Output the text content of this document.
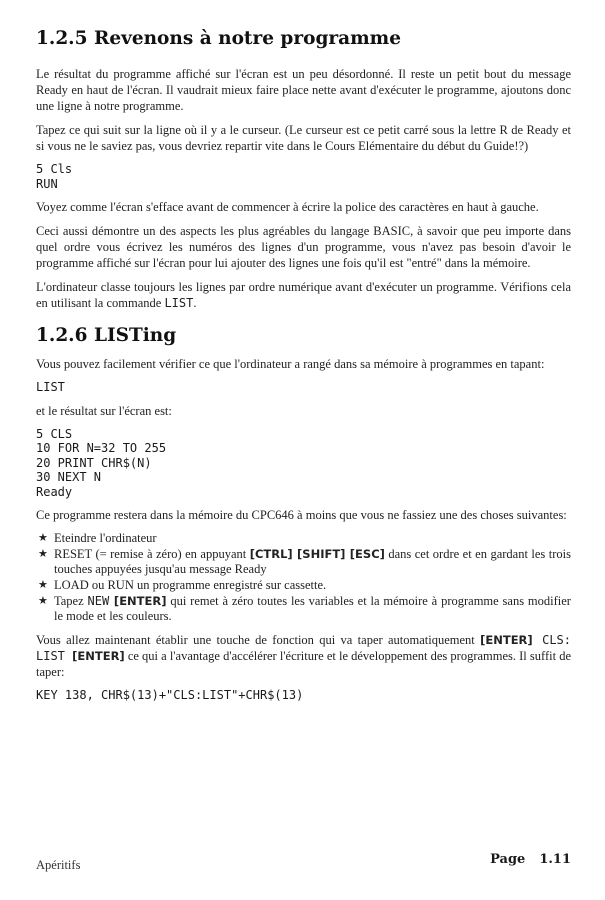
1.2.5 Revenons à notre programme

Le résultat du programme affiché sur l'écran est un peu désordonné. Il reste un petit bout du message Ready en haut de l'écran. Il vaudrait mieux faire place nette avant d'exécuter le programme, ajoutons donc une ligne à notre programme.

Tapez ce qui suit sur la ligne où il y a le curseur. (Le curseur est ce petit carré sous la lettre R de Ready et si vous ne le saviez pas, vous devriez repartir vite dans le Cours Elémentaire du début du Guide!?)

5 Cls
RUN

Voyez comme l'écran s'efface avant de commencer à écrire la police des caractères en haut à gauche.

Ceci aussi démontre un des aspects les plus agréables du langage BASIC, à savoir que peu importe dans quel ordre vous écrivez les numéros des lignes d'un programme, vous n'avez pas besoin d'avoir le programme affiché sur l'écran pour lui ajouter des lignes une fois qu'il est "entré" dans la mémoire.

L'ordinateur classe toujours les lignes par ordre numérique avant d'exécuter un programme. Vérifions cela en utilisant la commande LIST.

1.2.6 LISTing

Vous pouvez facilement vérifier ce que l'ordinateur a rangé dans sa mémoire à programmes en tapant:

LIST

et le résultat sur l'écran est:

5 CLS
10 FOR N=32 TO 255
20 PRINT CHR$(N)
30 NEXT N
Ready

Ce programme restera dans la mémoire du CPC646 à moins que vous ne fassiez une des choses suivantes:

★ Eteindre l'ordinateur
★ RESET (= remise à zéro) en appuyant [CTRL] [SHIFT] [ESC] dans cet ordre et en gardant les trois touches appuyées jusqu'au message Ready
★ LOAD ou RUN un programme enregistré sur cassette.
★ Tapez NEW [ENTER] qui remet à zéro toutes les variables et la mémoire à programme sans modifier le mode et les couleurs.

Vous allez maintenant établir une touche de fonction qui va taper automatiquement [ENTER] CLS: LIST [ENTER] ce qui a l'avantage d'accélérer l'écriture et le développement des programmes. Il suffit de taper:

KEY 138, CHR$(13)+"CLS:LIST"+CHR$(13)
Apéritifs	Page 1.11
